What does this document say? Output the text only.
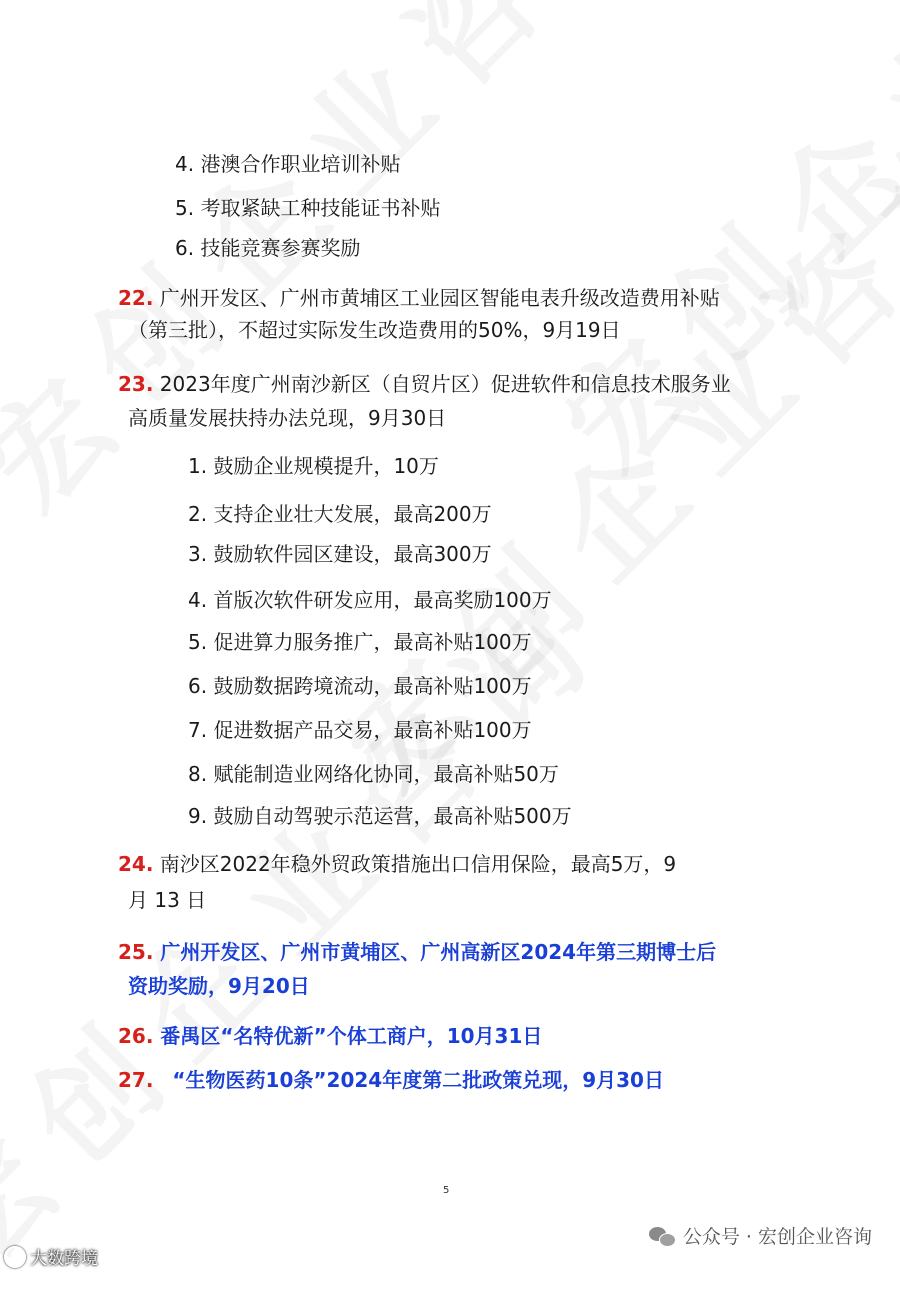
4. 港澳合作职业培训补贴
5. 考取紧缺工种技能证书补贴
6. 技能竞赛参赛奖励
22. 广州开发区、广州市黄埔区工业园区智能电表升级改造费用补贴
（第三批），不超过实际发生改造费用的50%，9月19日
23. 2023年度广州南沙新区（自贸片区）促进软件和信息技术服务业
高质量发展扶持办法兑现，9月30日
1. 鼓励企业规模提升，10万
2. 支持企业壮大发展，最高200万
3. 鼓励软件园区建设，最高300万
4. 首版次软件研发应用，最高奖励100万
5. 促进算力服务推广，最高补贴100万
6. 鼓励数据跨境流动，最高补贴100万
7. 促进数据产品交易，最高补贴100万
8. 赋能制造业网络化协同，最高补贴50万
9. 鼓励自动驾驶示范运营，最高补贴500万
24. 南沙区2022年稳外贸政策措施出口信用保险，最高5万，9
月 13 日
25. 广州开发区、广州市黄埔区、广州高新区2024年第三期博士后
资助奖励，9月20日
26. 番禺区“名特优新”个体工商户，10月31日
27. “生物医药10条”2024年度第二批政策兑现，9月30日
5
公众号 · 宏创企业咨询
大数跨境
